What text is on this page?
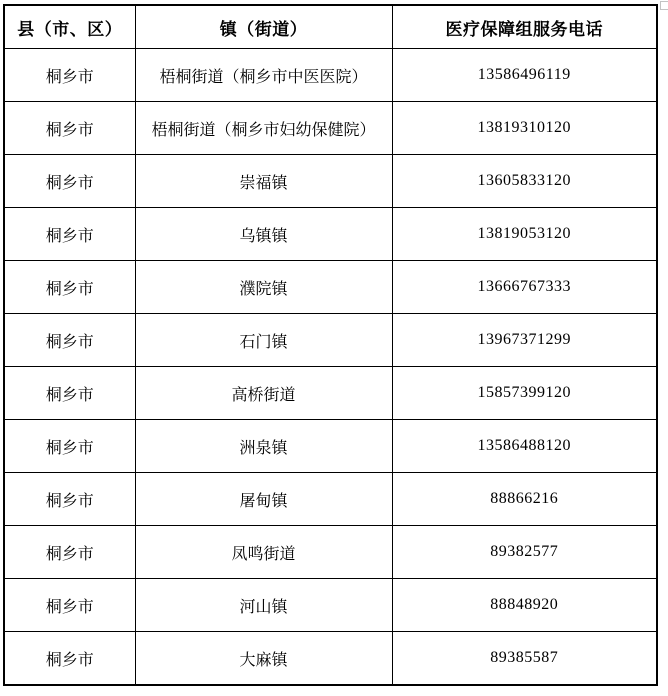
县（市、区）	镇（街道）	医疗保障组服务电话
桐乡市	梧桐街道（桐乡市中医医院）	13586496119
桐乡市	梧桐街道（桐乡市妇幼保健院）	13819310120
桐乡市	崇福镇	13605833120
桐乡市	乌镇镇	13819053120
桐乡市	濮院镇	13666767333
桐乡市	石门镇	13967371299
桐乡市	高桥街道	15857399120
桐乡市	洲泉镇	13586488120
桐乡市	屠甸镇	88866216
桐乡市	凤鸣街道	89382577
桐乡市	河山镇	88848920
桐乡市	大麻镇	89385587
